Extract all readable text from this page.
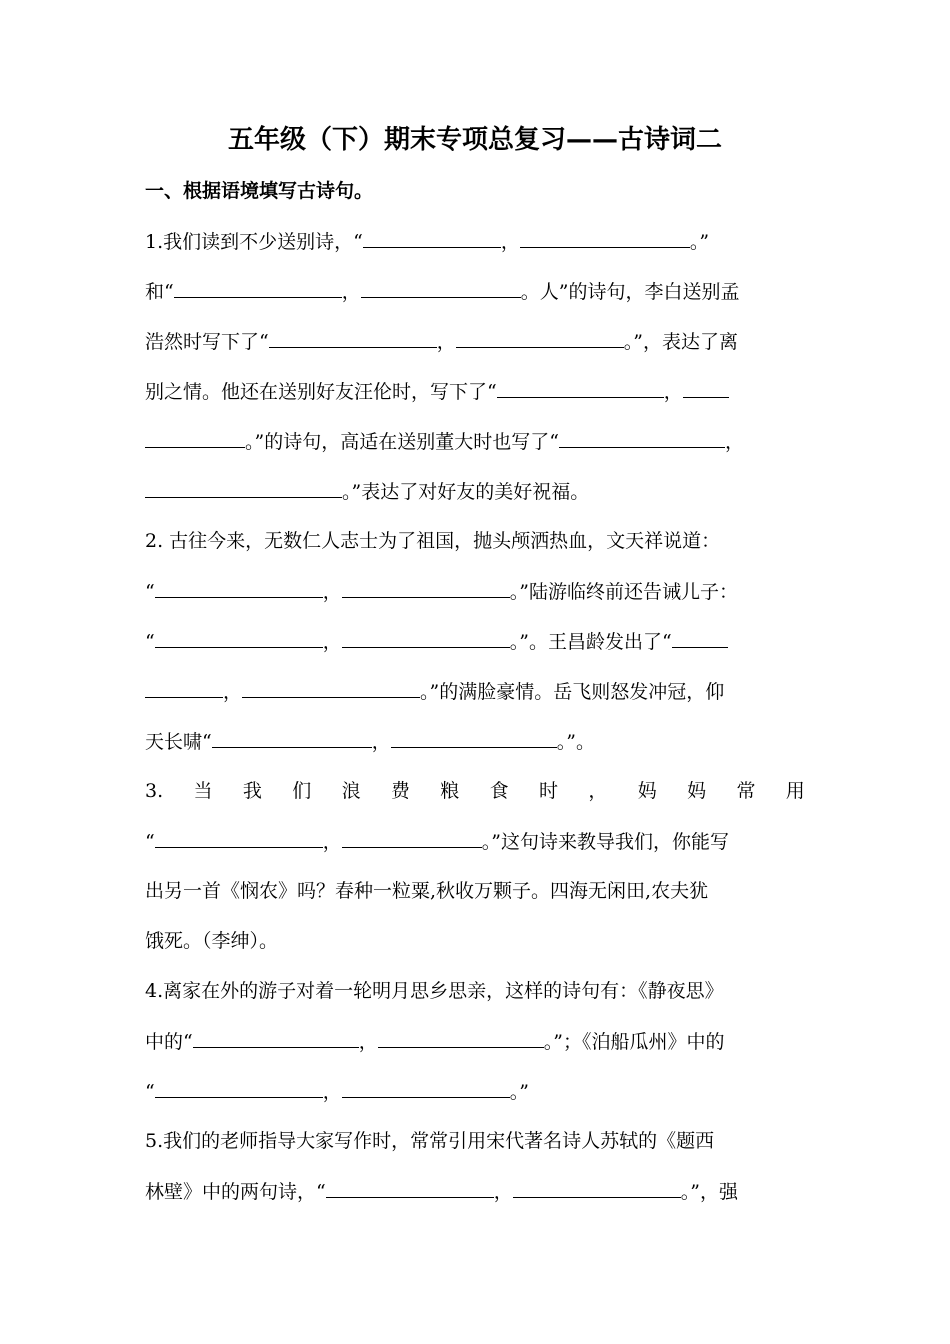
五年级（下）期末专项总复习——古诗词二
一、根据语境填写古诗句。
1.我们读到不少送别诗，“	，	。”
和“	，	。人”的诗句，李白送别孟
浩然时写下了“	，	。”，表达了离
别之情。他还在送别好友汪伦时，写下了“	，
。”的诗句，高适在送别董大时也写了“	，
。”表达了对好友的美好祝福。
2. 古往今来，无数仁人志士为了祖国，抛头颅洒热血，文天祥说道：
“	，	。”陆游临终前还告诫儿子：
“	，	。”。王昌龄发出了“
，	。”的满脸豪情。岳飞则怒发冲冠，仰
天长啸“	，	。”。
3. 当 我 们 浪 费 粮 食 时 ， 妈 妈 常 用
“	，	。”这句诗来教导我们，你能写
出另一首《悯农》吗？春种一粒粟,秋收万颗子。四海无闲田,农夫犹
饿死。（李绅）。
4.离家在外的游子对着一轮明月思乡思亲，这样的诗句有：《静夜思》
中的“	，	。”；《泊船瓜州》中的
“	，	。”
5.我们的老师指导大家写作时，常常引用宋代著名诗人苏轼的《题西
林壁》中的两句诗，“	，	。”，强
